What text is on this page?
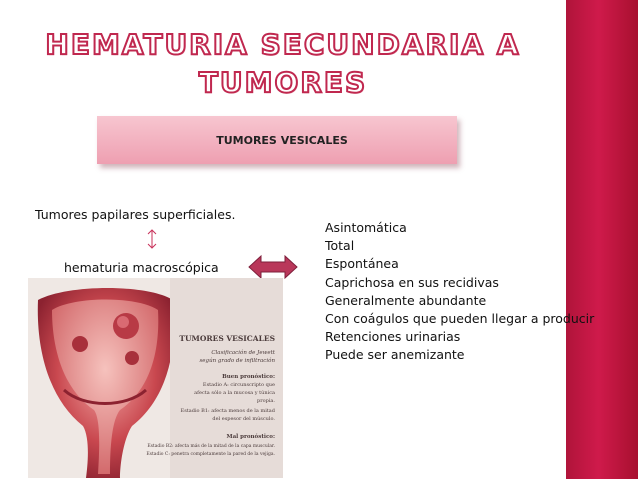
HEMATURIA SECUNDARIA A
TUMORES
TUMORES VESICALES
Tumores papilares superficiales.
hematuria macroscópica
Asintomática
Total
Espontánea
Caprichosa en sus recidivas
Generalmente abundante
Con coágulos que pueden llegar a producir
Retenciones urinarias
Puede ser anemizante
TUMORES VESICALES
Clasificación de Jewett
según grado de infiltración
Buen pronóstico:
Estadio A: circunscripto que
afecta sólo a la mucosa y túnica
propia.
Estadio B1: afecta menos de la mitad
del espesor del músculo.
Mal pronóstico:
Estadio B2: afecta más de la mitad de la capa muscular.
Estadio C: penetra completamente la pared de la vejiga.
